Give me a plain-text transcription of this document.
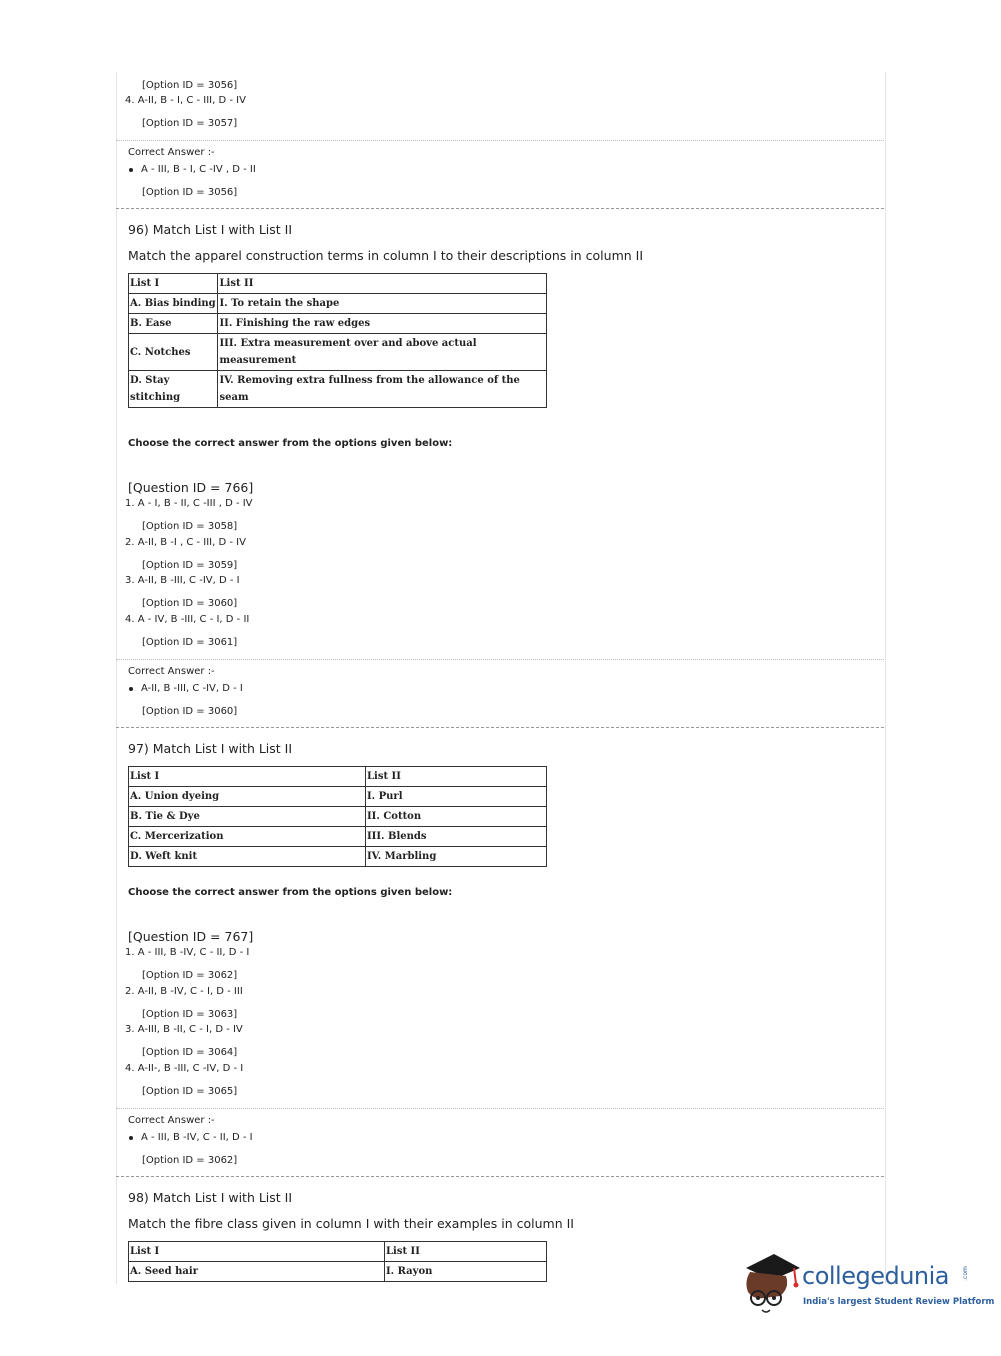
[Option ID = 3056]
4. A-II, B - I, C - III, D - IV
[Option ID = 3057]
Correct Answer :-
A - III, B - I, C -IV , D - II
[Option ID = 3056]
96) Match List I with List II
Match the apparel construction terms in column I to their descriptions in column II
List I	List II
A. Bias binding	I. To retain the shape
B. Ease	II. Finishing the raw edges
C. Notches	III. Extra measurement over and above actual measurement
D. Stay stitching	IV. Removing extra fullness from the allowance of the seam
Choose the correct answer from the options given below:
[Question ID = 766]
1. A - I, B - II, C -III , D - IV
[Option ID = 3058]
2. A-II, B -I , C - III, D - IV
[Option ID = 3059]
3. A-II, B -III, C -IV, D - I
[Option ID = 3060]
4. A - IV, B -III, C - I, D - II
[Option ID = 3061]
Correct Answer :-
A-II, B -III, C -IV, D - I
[Option ID = 3060]
97) Match List I with List II
List I	List II
A. Union dyeing	I. Purl
B. Tie & Dye	II. Cotton
C. Mercerization	III. Blends
D. Weft knit	IV. Marbling
Choose the correct answer from the options given below:
[Question ID = 767]
1. A - III, B -IV, C - II, D - I
[Option ID = 3062]
2. A-II, B -IV, C - I, D - III
[Option ID = 3063]
3. A-III, B -II, C - I, D - IV
[Option ID = 3064]
4. A-II-, B -III, C -IV, D - I
[Option ID = 3065]
Correct Answer :-
A - III, B -IV, C - II, D - I
[Option ID = 3062]
98) Match List I with List II
Match the fibre class given in column I with their examples in column II
List I	List II
A. Seed hair	I. Rayon	collegedunia .com
India's largest Student Review Platform
